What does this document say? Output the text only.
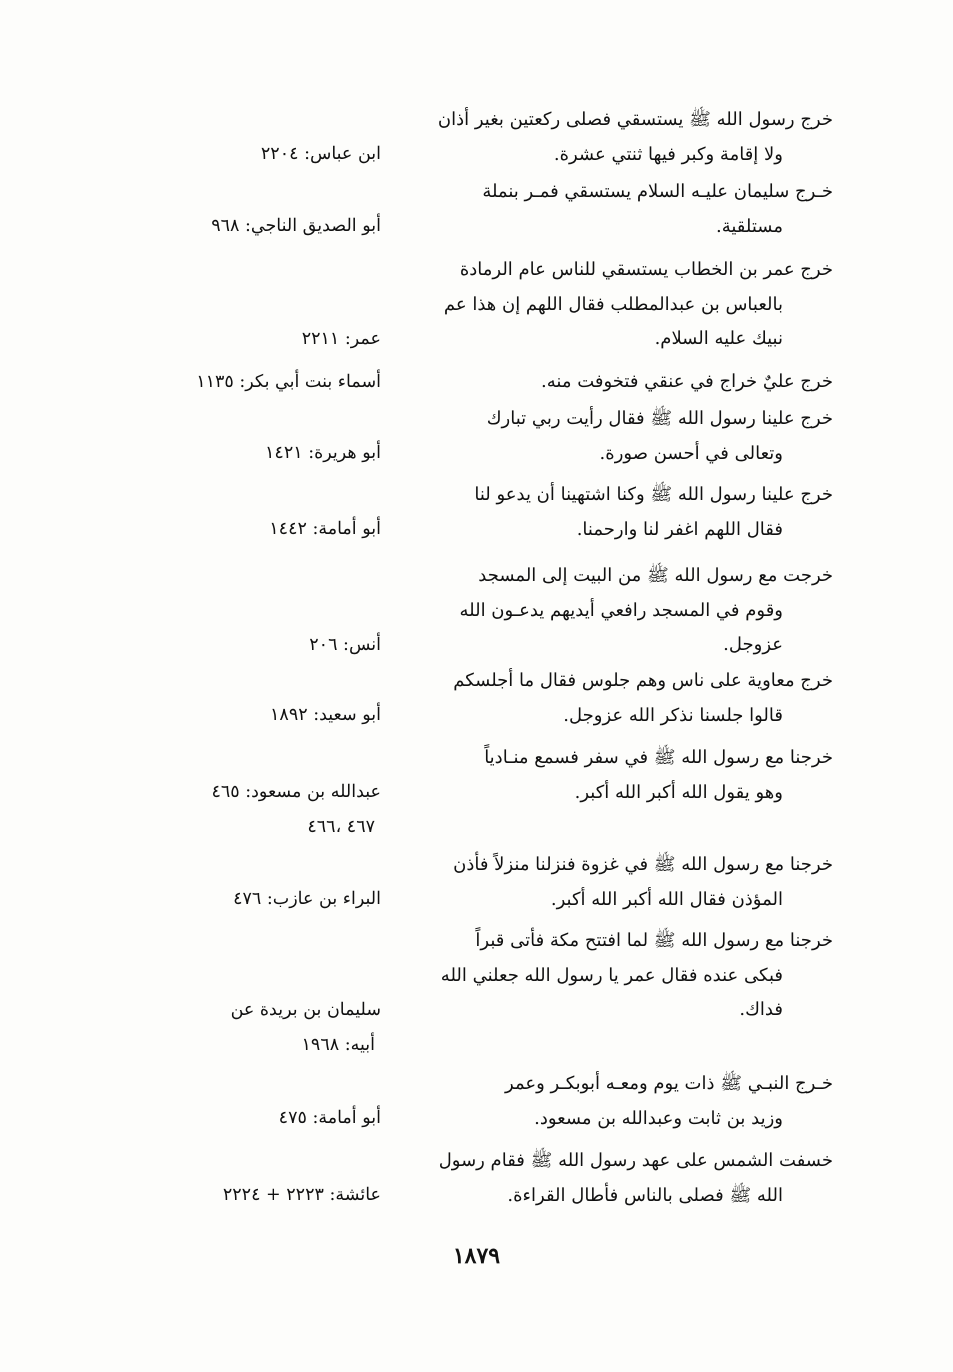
خرج رسول الله ﷺ يستسقي فصلى ركعتين بغير أذان
ولا إقامة وكبر فيها ثنتي عشرة.
ابن عباس: ٢٢٠٤
خـرج سليمان عليـه السلام يستسقي فمـر بنملة
مستلقية.
أبو الصديق الناجي: ٩٦٨
خرج عمر بن الخطاب يستسقي للناس عام الرمادة
بالعباس بن عبدالمطلب فقال اللهم إن هذا عم
نبيك عليه السلام.
عمر: ٢٢١١
خرج عليٌ خراج في عنقي فتخوفت منه.
أسماء بنت أبي بكر: ١١٣٥
خرج علينا رسول الله ﷺ فقال رأيت ربي تبارك
وتعالى في أحسن صورة.
أبو هريرة: ١٤٢١
خرج علينا رسول الله ﷺ وكنا اشتهينا أن يدعو لنا
فقال اللهم اغفر لنا وارحمنا.
أبو أمامة: ١٤٤٢
خرجت مع رسول الله ﷺ من البيت إلى المسجد
وقوم في المسجد رافعي أيديهم يدعـون الله
عزوجل.
أنس: ٢٠٦
خرج معاوية على ناس وهم جلوس فقال ما أجلسكم
قالوا جلسنا نذكر الله عزوجل.
أبو سعيد: ١٨٩٢
خرجنا مع رسول الله ﷺ في سفر فسمع منـادياً
وهو يقول الله أكبر الله أكبر.
عبدالله بن مسعود: ٤٦٥
٤٦٧ ،٤٦٦
خرجنا مع رسول الله ﷺ في غزوة فنزلنا منزلاً فأذن
المؤذن فقال الله أكبر الله أكبر.
البراء بن عازب: ٤٧٦
خرجنا مع رسول الله ﷺ لما افتتح مكة فأتى قبراً
فبكى عنده فقال عمر يا رسول الله جعلني الله
فداك.
سليمان بن بريدة عن
أبيه: ١٩٦٨
خـرج النبـي ﷺ ذات يوم ومعـه أبوبكـر وعمر
وزيد بن ثابت وعبدالله بن مسعود.
أبو أمامة: ٤٧٥
خسفت الشمس على عهد رسول الله ﷺ فقام رسول
الله ﷺ فصلى بالناس فأطال القراءة.
عائشة: ٢٢٢٣ + ٢٢٢٤
١٨٧٩
